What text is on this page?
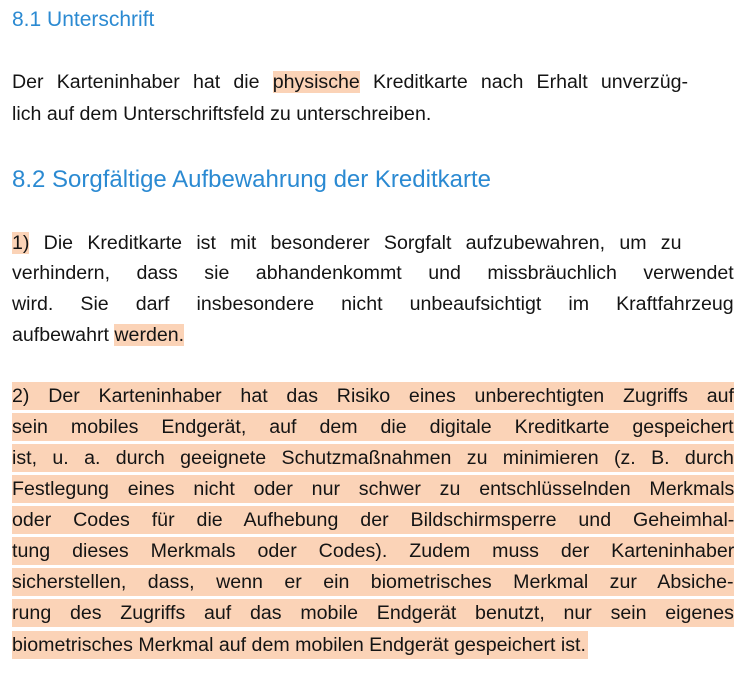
8.1 Unterschrift
Der Karteninhaber hat die physische Kreditkarte nach Erhalt unverzüg-
lich auf dem Unterschriftsfeld zu unterschreiben.
8.2 Sorgfältige Aufbewahrung der Kreditkarte
1) Die Kreditkarte ist mit besonderer Sorgfalt aufzubewahren, um zu
verhindern, dass sie abhandenkommt und missbräuchlich verwendet
wird. Sie darf insbesondere nicht unbeaufsichtigt im Kraftfahrzeug
aufbewahrt werden.
2) Der Karteninhaber hat das Risiko eines unberechtigten Zugriffs auf
sein mobiles Endgerät, auf dem die digitale Kreditkarte gespeichert
ist, u. a. durch geeignete Schutzmaßnahmen zu minimieren (z. B. durch
Festlegung eines nicht oder nur schwer zu entschlüsselnden Merkmals
oder Codes für die Aufhebung der Bildschirmsperre und Geheimhal-
tung dieses Merkmals oder Codes). Zudem muss der Karteninhaber
sicherstellen, dass, wenn er ein biometrisches Merkmal zur Absiche-
rung des Zugriffs auf das mobile Endgerät benutzt, nur sein eigenes
biometrisches Merkmal auf dem mobilen Endgerät gespeichert ist.
